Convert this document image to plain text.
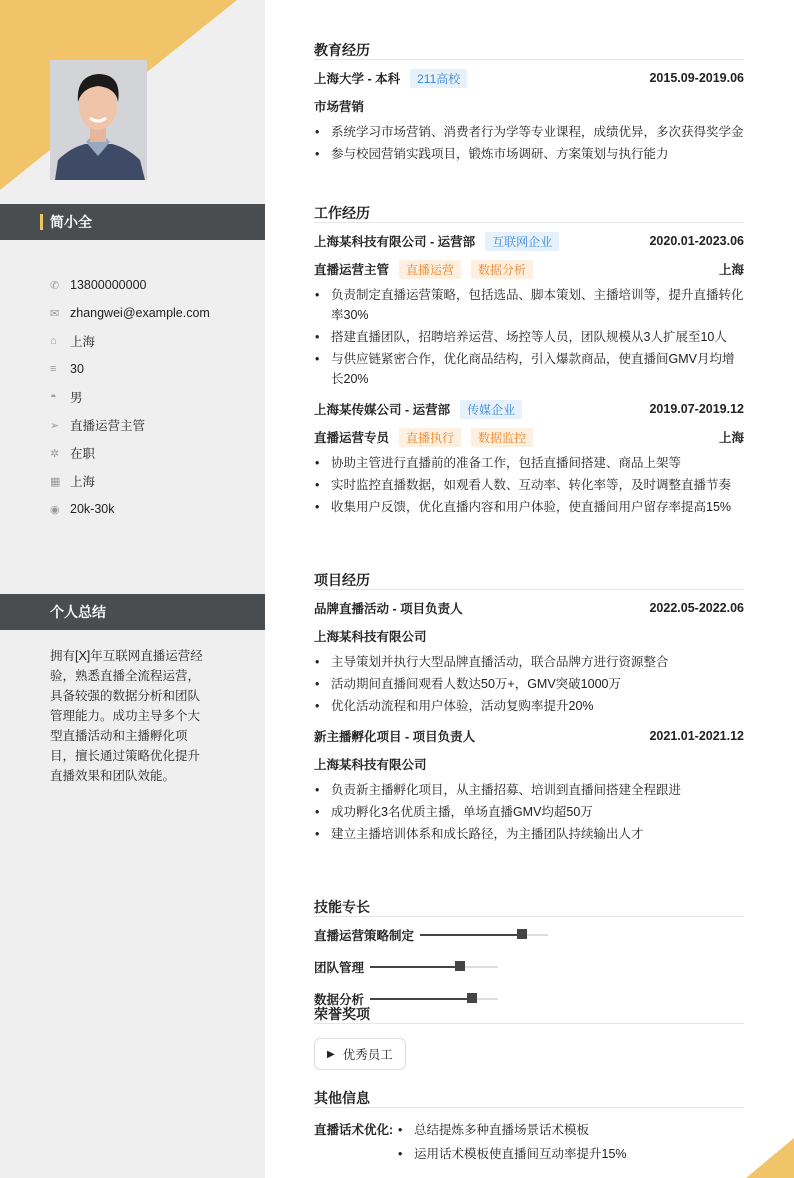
简小全
✆ 13800000000
✉ zhangwei@example.com
⌂	上海
≡	30
◓	男
➢ 直播运营主管
✲ 在职
▦ 上海
◉ 20k-30k
个人总结
拥有[X]年互联网直播运营经验，熟悉直播全流程运营，具备较强的数据分析和团队管理能力。成功主导多个大型直播活动和主播孵化项目，擅长通过策略优化提升直播效果和团队效能。
教育经历
上海大学 - 本科	211高校	2015.09-2019.06
市场营销
• 系统学习市场营销、消费者行为学等专业课程，成绩优异，多次获得奖学金
• 参与校园营销实践项目，锻炼市场调研、方案策划与执行能力
工作经历
上海某科技有限公司 - 运营部	互联网企业	2020.01-2023.06
直播运营主管	直播运营	数据分析	上海
• 负责制定直播运营策略，包括选品、脚本策划、主播培训等，提升直播转化率30%
• 搭建直播团队，招聘培养运营、场控等人员，团队规模从3人扩展至10人
• 与供应链紧密合作，优化商品结构，引入爆款商品，使直播间GMV月均增长20%
上海某传媒公司 - 运营部	传媒企业	2019.07-2019.12
直播运营专员	直播执行	数据监控	上海
• 协助主管进行直播前的准备工作，包括直播间搭建、商品上架等
• 实时监控直播数据，如观看人数、互动率、转化率等，及时调整直播节奏
• 收集用户反馈，优化直播内容和用户体验，使直播间用户留存率提高15%
项目经历
品牌直播活动 - 项目负责人	2022.05-2022.06
上海某科技有限公司
• 主导策划并执行大型品牌直播活动，联合品牌方进行资源整合
• 活动期间直播间观看人数达50万+，GMV突破1000万
• 优化活动流程和用户体验，活动复购率提升20%
新主播孵化项目 - 项目负责人	2021.01-2021.12
上海某科技有限公司
• 负责新主播孵化项目，从主播招募、培训到直播间搭建全程跟进
• 成功孵化3名优质主播，单场直播GMV均超50万
• 建立主播培训体系和成长路径，为主播团队持续输出人才
技能专长
直播运营策略制定
团队管理

数据分析
荣誉奖项
▶ 优秀员工
其他信息
直播话术优化:	• 总结提炼多种直播场景话术模板
• 运用话术模板使直播间互动率提升15%
